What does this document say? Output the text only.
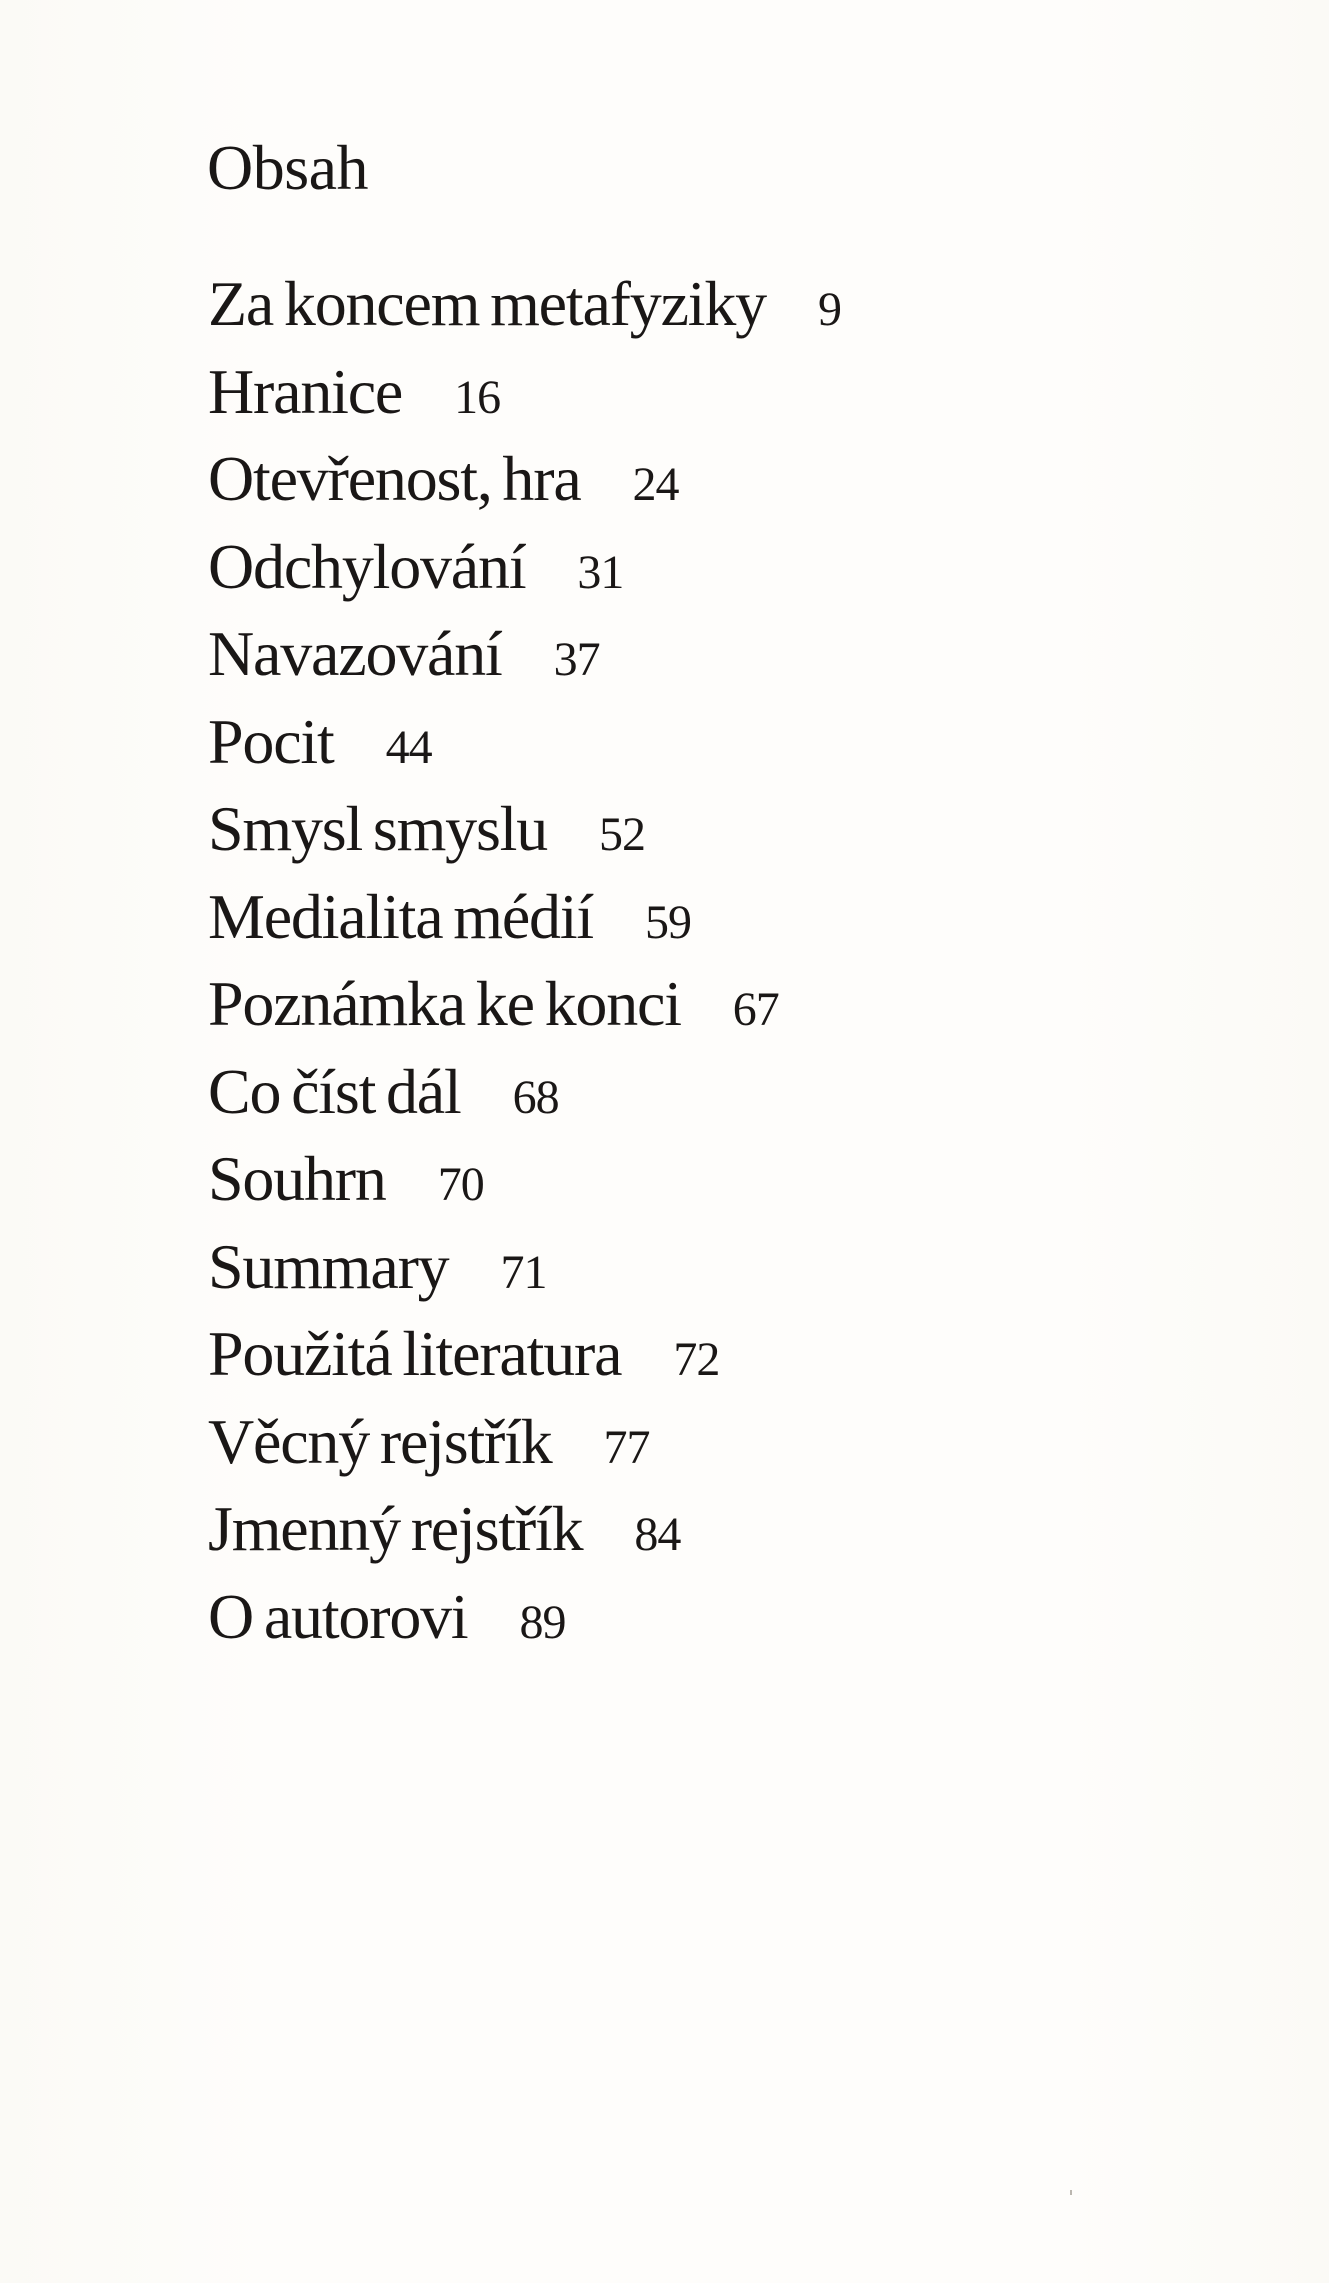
Obsah
Za koncem metafyziky 9
Hranice 16
Otevřenost, hra 24
Odchylování 31
Navazování 37
Pocit 44
Smysl smyslu 52
Medialita médií 59
Poznámka ke konci 67
Co číst dál 68
Souhrn 70
Summary 71
Použitá literatura 72
Věcný rejstřík 77
Jmenný rejstřík 84
O autorovi 89
